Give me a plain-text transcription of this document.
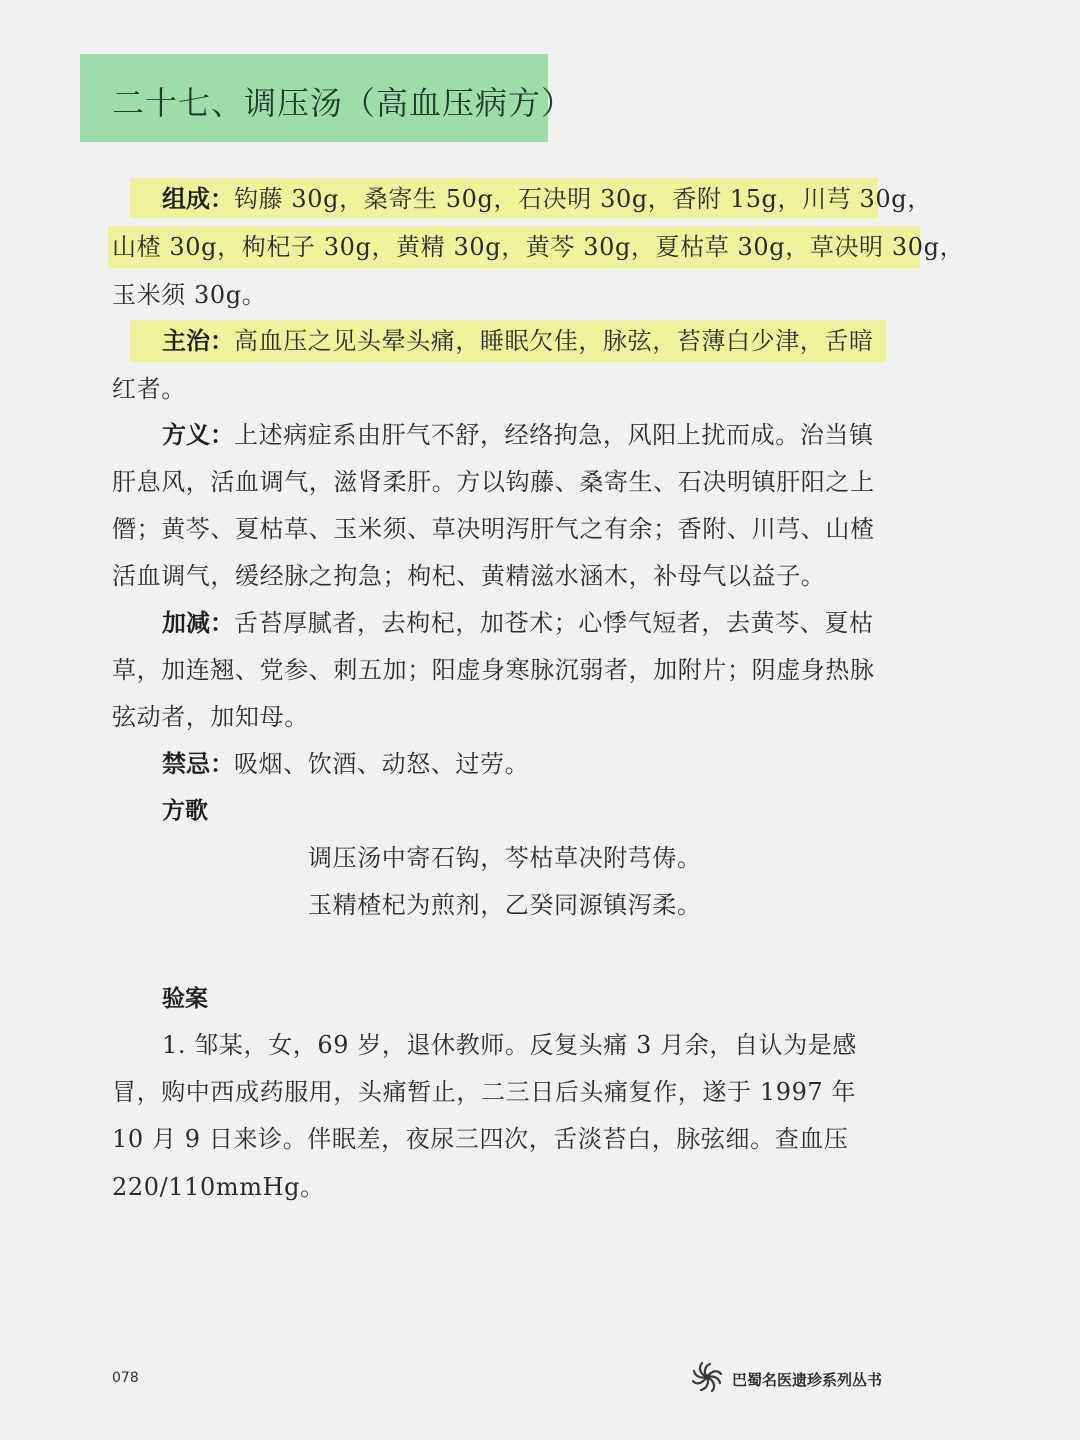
二十七、调压汤（高血压病方）
组成：钩藤 30g，桑寄生 50g，石决明 30g，香附 15g，川芎 30g，
山楂 30g，枸杞子 30g，黄精 30g，黄芩 30g，夏枯草 30g，草决明 30g，
玉米须 30g。
主治：高血压之见头晕头痛，睡眠欠佳，脉弦，苔薄白少津，舌暗
红者。
方义：上述病症系由肝气不舒，经络拘急，风阳上扰而成。治当镇
肝息风，活血调气，滋肾柔肝。方以钩藤、桑寄生、石决明镇肝阳之上
僭；黄芩、夏枯草、玉米须、草决明泻肝气之有余；香附、川芎、山楂
活血调气，缓经脉之拘急；枸杞、黄精滋水涵木，补母气以益子。
加减：舌苔厚腻者，去枸杞，加苍术；心悸气短者，去黄芩、夏枯
草，加连翘、党参、刺五加；阳虚身寒脉沉弱者，加附片；阴虚身热脉
弦动者，加知母。
禁忌：吸烟、饮酒、动怒、过劳。
方歌
调压汤中寄石钩，芩枯草决附芎俦。
玉精楂杞为煎剂，乙癸同源镇泻柔。
验案
1. 邹某，女，69 岁，退休教师。反复头痛 3 月余，自认为是感
冒，购中西成药服用，头痛暂止，二三日后头痛复作，遂于 1997 年
10 月 9 日来诊。伴眠差，夜尿三四次，舌淡苔白，脉弦细。查血压
220/110mmHg。
078	巴蜀名医遗珍系列丛书
